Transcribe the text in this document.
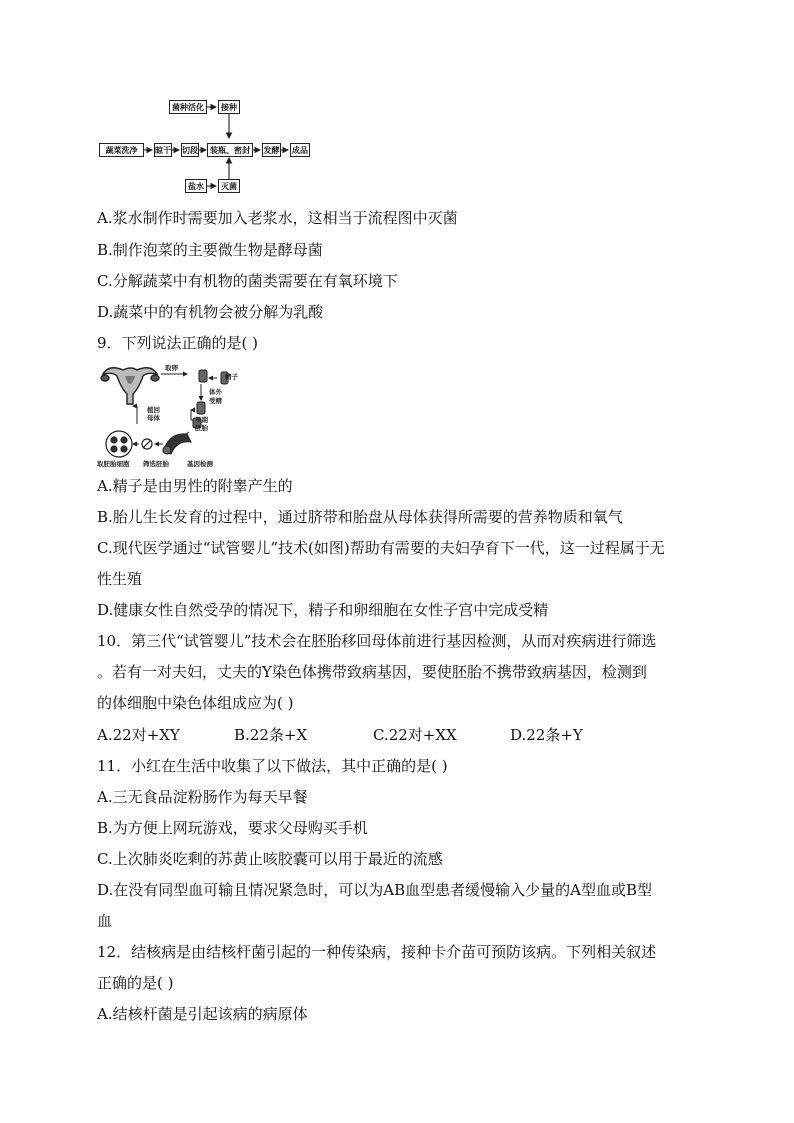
菌种活化	接种
蔬菜洗净	晾干 切段	装瓶、密封	发酵 成品
盐水	灭菌
A.浆水制作时需要加入老浆水，这相当于流程图中灭菌
B.制作泡菜的主要微生物是酵母菌
C.分解蔬菜中有机物的菌类需要在有氧环境下
D.蔬菜中的有机物会被分解为乳酸
9．下列说法正确的是( )
取卵
精子
体外受精
早期
胚胎
植回
母体
取胚胎细胞 筛选胚胎	基因检测
A.精子是由男性的附睾产生的
B.胎儿生长发育的过程中，通过脐带和胎盘从母体获得所需要的营养物质和氧气
C.现代医学通过“试管婴儿”技术(如图)帮助有需要的夫妇孕育下一代，这一过程属于无
性生殖
D.健康女性自然受孕的情况下，精子和卵细胞在女性子宫中完成受精
10．第三代“试管婴儿”技术会在胚胎移回母体前进行基因检测，从而对疾病进行筛选
。若有一对夫妇，丈夫的Y染色体携带致病基因，要使胚胎不携带致病基因，检测到
的体细胞中染色体组成应为( )
A.22对+XY	B.22条+X	C.22对+XX	D.22条+Y
11．小红在生活中收集了以下做法，其中正确的是( )
A.三无食品淀粉肠作为每天早餐
B.为方便上网玩游戏，要求父母购买手机
C.上次肺炎吃剩的苏黄止咳胶囊可以用于最近的流感
D.在没有同型血可输且情况紧急时，可以为AB血型患者缓慢输入少量的A型血或B型
血
12．结核病是由结核杆菌引起的一种传染病，接种卡介苗可预防该病。下列相关叙述
正确的是( )
A.结核杆菌是引起该病的病原体
